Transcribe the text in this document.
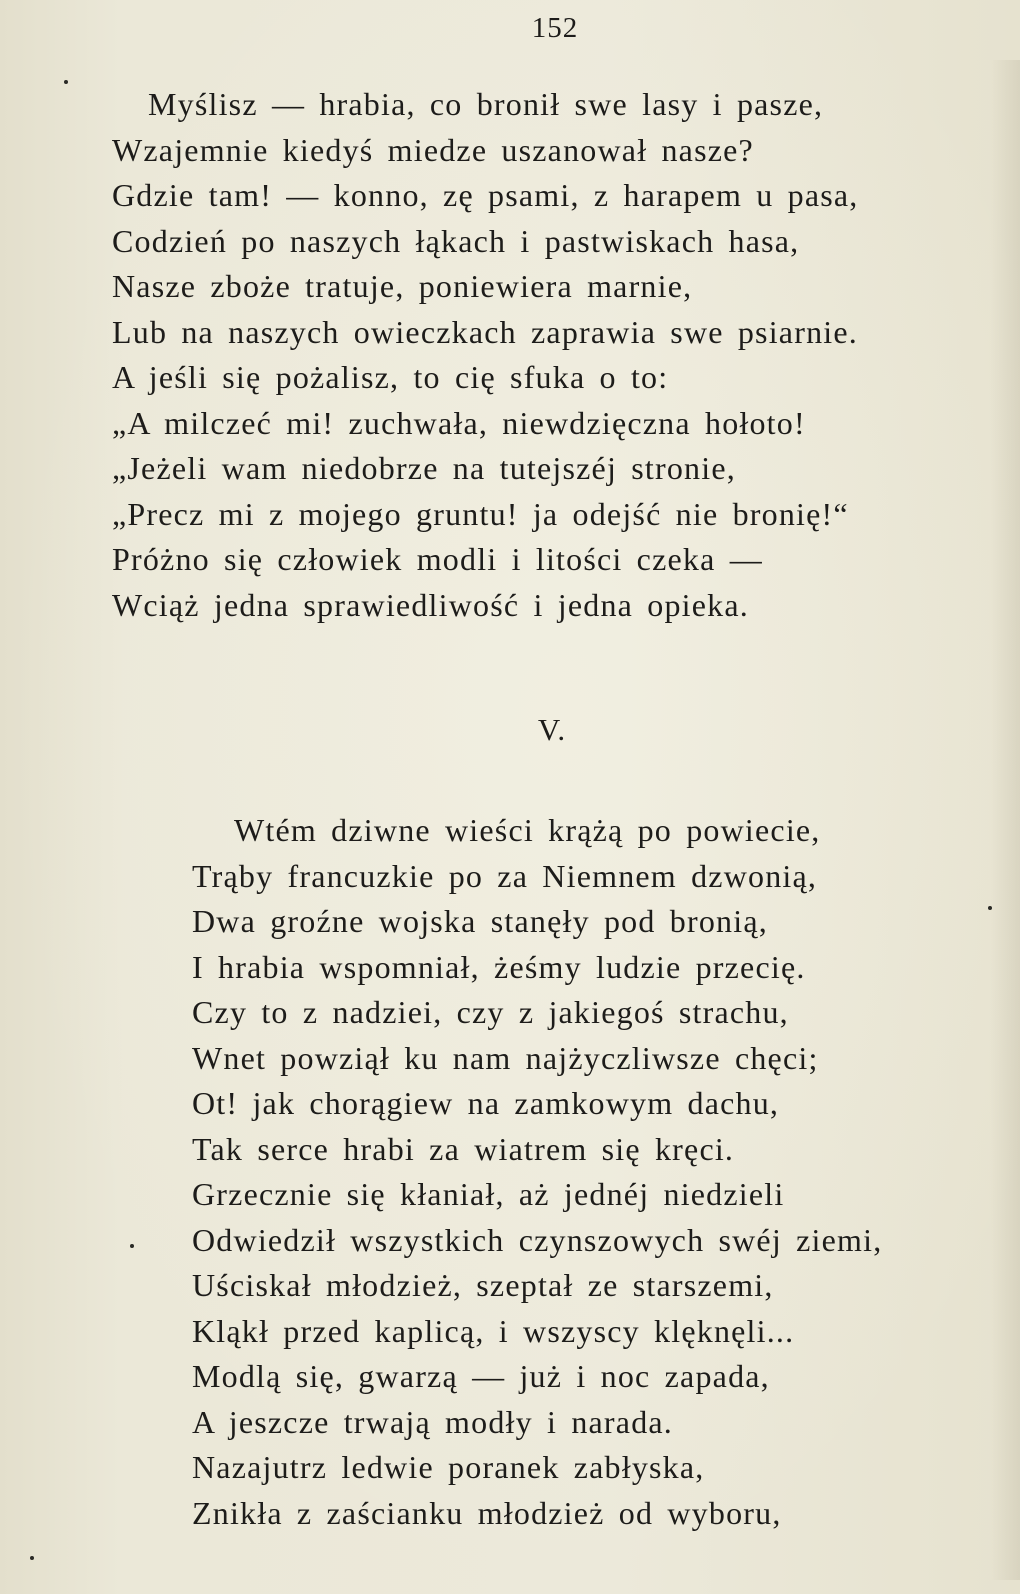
152
Myślisz — hrabia, co bronił swe lasy i pasze,
Wzajemnie kiedyś miedze uszanował nasze?
Gdzie tam! — konno, zę psami, z harapem u pasa,
Codzień po naszych łąkach i pastwiskach hasa,
Nasze zboże tratuje, poniewiera marnie,
Lub na naszych owieczkach zaprawia swe psiarnie.
A jeśli się pożalisz, to cię sfuka o to:
„A milczeć mi! zuchwała, niewdzięczna hołoto!
„Jeżeli wam niedobrze na tutejszéj stronie,
„Precz mi z mojego gruntu! ja odejść nie bronię!“
Próżno się człowiek modli i litości czeka —
Wciąż jedna sprawiedliwość i jedna opieka.
V.
Wtém dziwne wieści krążą po powiecie,
Trąby francuzkie po za Niemnem dzwonią,
Dwa groźne wojska stanęły pod bronią,
I hrabia wspomniał, żeśmy ludzie przecię.
Czy to z nadziei, czy z jakiegoś strachu,
Wnet powziął ku nam najżyczliwsze chęci;
Ot! jak chorągiew na zamkowym dachu,
Tak serce hrabi za wiatrem się kręci.
Grzecznie się kłaniał, aż jednéj niedzieli
Odwiedził wszystkich czynszowych swéj ziemi,
Uściskał młodzież, szeptał ze starszemi,
Kląkł przed kaplicą, i wszyscy klęknęli...
Modlą się, gwarzą — już i noc zapada,
A jeszcze trwają modły i narada.
Nazajutrz ledwie poranek zabłyska,
Znikła z zaścianku młodzież od wyboru,
